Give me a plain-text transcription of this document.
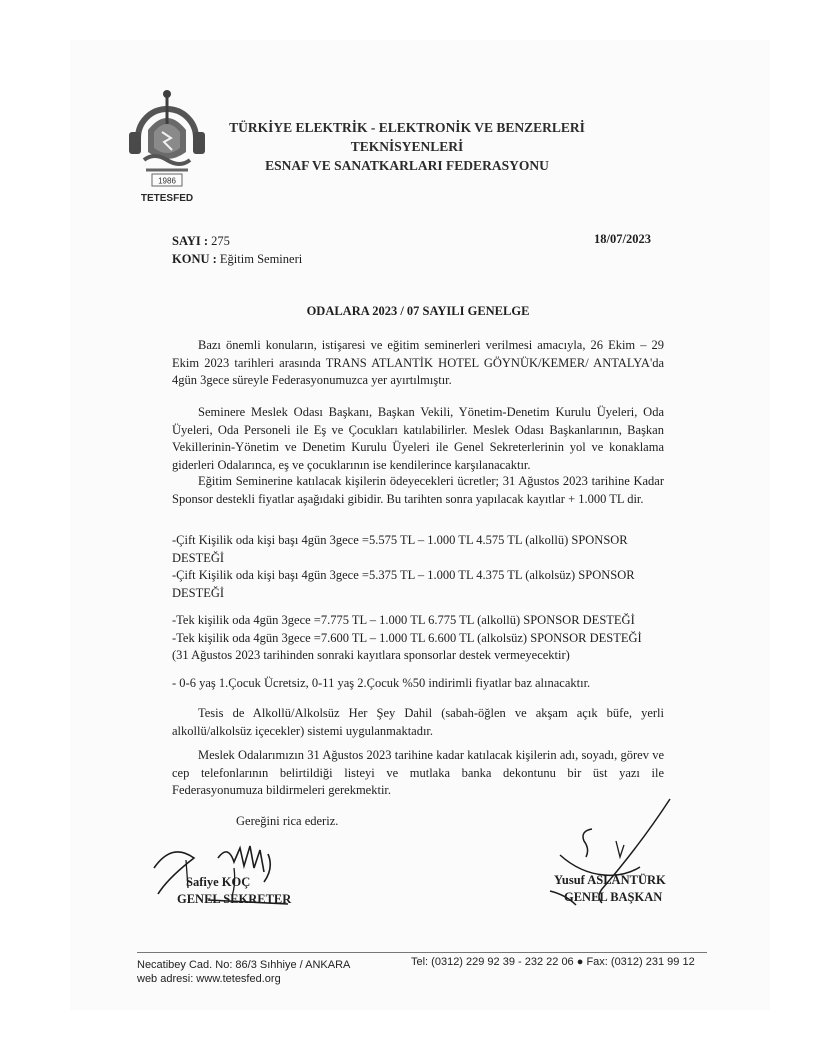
1986
TETESFED
TÜRKİYE ELEKTRİK - ELEKTRONİK VE BENZERLERİ
TEKNİSYENLERİ
ESNAF VE SANATKARLARI FEDERASYONU
SAYI : 275
KONU : Eğitim Semineri
18/07/2023
ODALARA 2023 / 07 SAYILI GENELGE

Bazı önemli konuların, istişaresi ve eğitim seminerleri verilmesi amacıyla, 26 Ekim – 29 Ekim 2023 tarihleri arasında TRANS ATLANTİK HOTEL GÖYNÜK/KEMER/ ANTALYA'da 4gün 3gece süreyle Federasyonumuzca yer ayırtılmıştır.

Seminere Meslek Odası Başkanı, Başkan Vekili, Yönetim-Denetim Kurulu Üyeleri, Oda Üyeleri, Oda Personeli ile Eş ve Çocukları katılabilirler. Meslek Odası Başkanlarının, Başkan Vekillerinin-Yönetim ve Denetim Kurulu Üyeleri ile Genel Sekreterlerinin yol ve konaklama giderleri Odalarınca, eş ve çocuklarının ise kendilerince karşılanacaktır.

Eğitim Seminerine katılacak kişilerin ödeyecekleri ücretler; 31 Ağustos 2023 tarihine Kadar Sponsor destekli fiyatlar aşağıdaki gibidir. Bu tarihten sonra yapılacak kayıtlar + 1.000 TL dir.

-Çift Kişilik oda kişi başı 4gün 3gece =5.575 TL – 1.000 TL 4.575 TL (alkollü) SPONSOR DESTEĞİ

-Çift Kişilik oda kişi başı 4gün 3gece =5.375 TL – 1.000 TL 4.375 TL (alkolsüz) SPONSOR DESTEĞİ

-Tek kişilik oda 4gün 3gece =7.775 TL – 1.000 TL 6.775 TL (alkollü) SPONSOR DESTEĞİ

-Tek kişilik oda 4gün 3gece =7.600 TL – 1.000 TL 6.600 TL (alkolsüz) SPONSOR DESTEĞİ

(31 Ağustos 2023 tarihinden sonraki kayıtlara sponsorlar destek vermeyecektir)

- 0-6 yaş 1.Çocuk Ücretsiz, 0-11 yaş 2.Çocuk %50 indirimli fiyatlar baz alınacaktır.

Tesis de Alkollü/Alkolsüz Her Şey Dahil (sabah-öğlen ve akşam açık büfe, yerli alkollü/alkolsüz içecekler) sistemi uygulanmaktadır.

Meslek Odalarımızın 31 Ağustos 2023 tarihine kadar katılacak kişilerin adı, soyadı, görev ve cep telefonlarının belirtildiği listeyi ve mutlaka banka dekontunu bir üst yazı ile Federasyonumuza bildirmeleri gerekmektir.

Gereğini rica ederiz.

Safiye KOÇ
GENEL SEKRETER
Yusuf ASLANTÜRK
GENEL BAŞKAN
Necatibey Cad. No: 86/3 Sıhhiye / ANKARA
web adresi: www.tetesfed.org
Tel: (0312) 229 92 39 - 232 22 06 ● Fax: (0312) 231 99 12
